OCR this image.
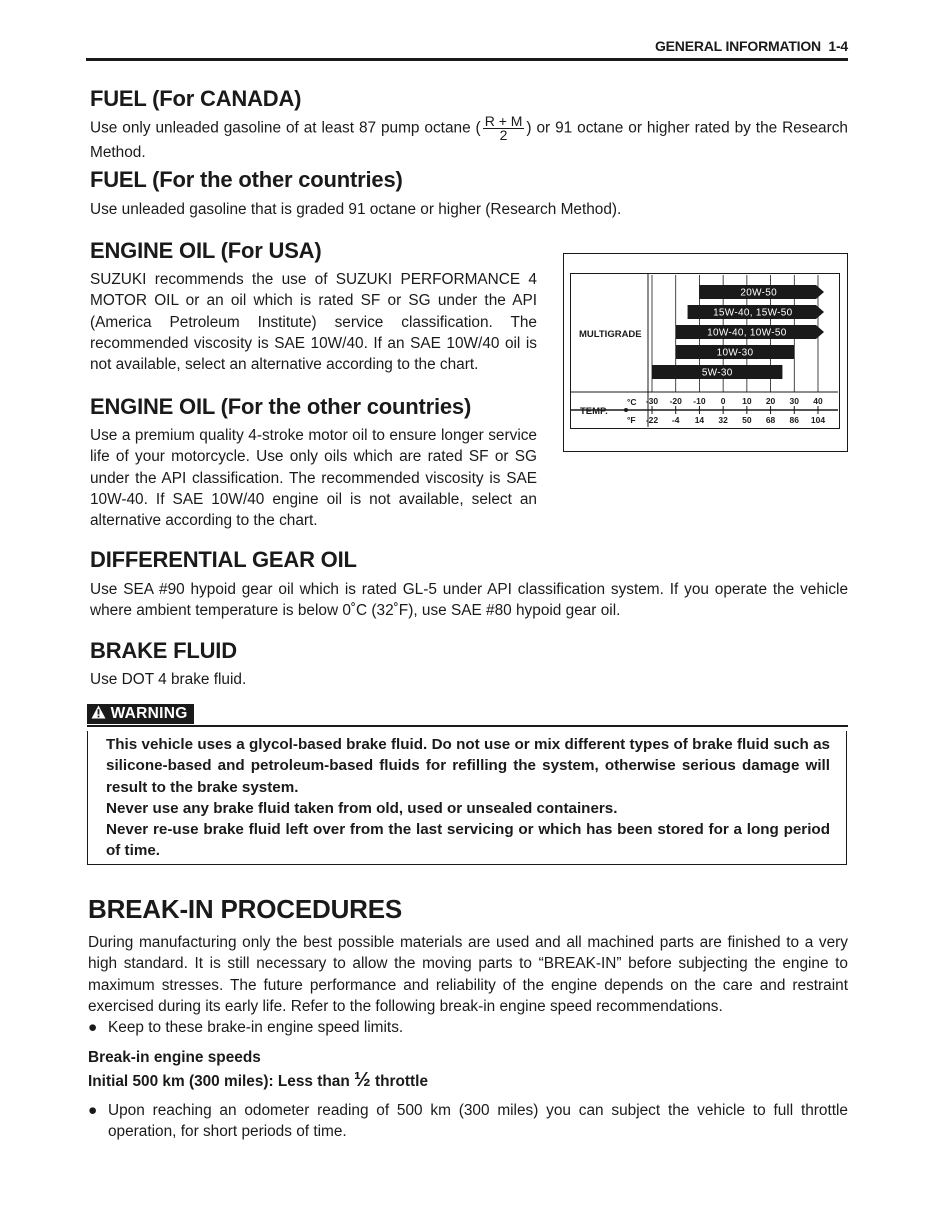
GENERAL INFORMATION 1-4
FUEL (For CANADA)

Use only unleaded gasoline of at least 87 pump octane ( $\frac{R + M}{2}$ ) or 91 octane or higher rated by the Research Method.

FUEL (For the other countries)

Use unleaded gasoline that is graded 91 octane or higher (Research Method).

ENGINE OIL (For USA)

SUZUKI recommends the use of SUZUKI PERFORMANCE 4 MOTOR OIL or an oil which is rated SF or SG under the API (America Petroleum Institute) service classification. The recommended viscosity is SAE 10W/40. If an SAE 10W/40 oil is not available, select an alternative according to the chart.

ENGINE OIL (For the other countries)

Use a premium quality 4-stroke motor oil to ensure longer service life of your motorcycle. Use only oils which are rated SF or SG under the API classification. The recommended viscosity is SAE 10W-40. If SAE 10W/40 engine oil is not available, select an alternative according to the chart.

MULTIGRADE
TEMP.
°C
°F
20W-50
15W-40, 15W-50
10W-40, 10W-50
10W-30
5W-30
-30
-22
-20
-4
-10
14
0
32
10
50
20
68
30
86
40
104
DIFFERENTIAL GEAR OIL

Use SEA #90 hypoid gear oil which is rated GL-5 under API classification system. If you operate the vehicle where ambient temperature is below 0˚C (32˚F), use SAE #80 hypoid gear oil.

BRAKE FLUID

Use DOT 4 brake fluid.

WARNING
This vehicle uses a glycol-based brake fluid. Do not use or mix different types of brake fluid such as silicone-based and petroleum-based fluids for refilling the system, otherwise serious damage will result to the brake system.
Never use any brake fluid taken from old, used or unsealed containers.
Never re-use brake fluid left over from the last servicing or which has been stored for a long period of time.
BREAK-IN PROCEDURES

During manufacturing only the best possible materials are used and all machined parts are finished to a very high standard. It is still necessary to allow the moving parts to “BREAK-IN” before subjecting the engine to maximum stresses. The future performance and reliability of the engine depends on the care and restraint exercised during its early life. Refer to the following break-in engine speed recommendations.

● Keep to these brake-in engine speed limits.
Break-in engine speeds
Initial 500 km (300 miles): Less than ½ throttle
● Upon reaching an odometer reading of 500 km (300 miles) you can subject the vehicle to full throttle operation, for short periods of time.
